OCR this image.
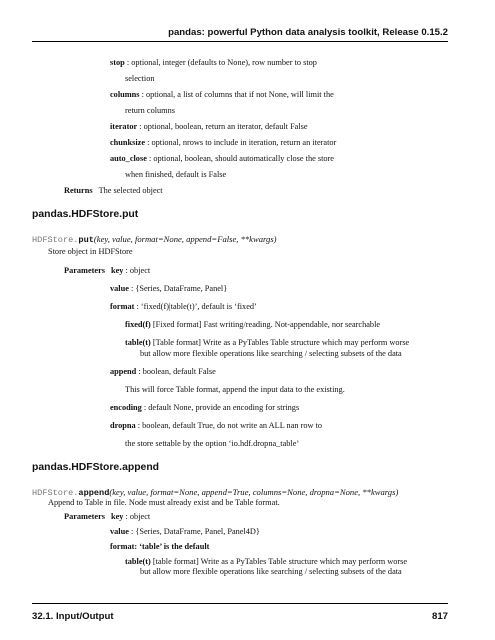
pandas: powerful Python data analysis toolkit, Release 0.15.2
stop : optional, integer (defaults to None), row number to stop
selection
columns : optional, a list of columns that if not None, will limit the
return columns
iterator : optional, boolean, return an iterator, default False
chunksize : optional, nrows to include in iteration, return an iterator
auto_close : optional, boolean, should automatically close the store
when finished, default is False
Returns The selected object
pandas.HDFStore.put
HDFStore.put(key, value, format=None, append=False, **kwargs)
Store object in HDFStore
Parameters key : object
value : {Series, DataFrame, Panel}
format : ‘fixed(f)|table(t)’, default is ‘fixed’
fixed(f) [Fixed format] Fast writing/reading. Not-appendable, nor searchable
table(t) [Table format] Write as a PyTables Table structure which may perform worse
but allow more flexible operations like searching / selecting subsets of the data
append : boolean, default False
This will force Table format, append the input data to the existing.
encoding : default None, provide an encoding for strings
dropna : boolean, default True, do not write an ALL nan row to
the store settable by the option ‘io.hdf.dropna_table’
pandas.HDFStore.append
HDFStore.append(key, value, format=None, append=True, columns=None, dropna=None, **kwargs)
Append to Table in file. Node must already exist and be Table format.
Parameters key : object
value : {Series, DataFrame, Panel, Panel4D}
format: ‘table’ is the default
table(t) [table format] Write as a PyTables Table structure which may perform worse
but allow more flexible operations like searching / selecting subsets of the data
32.1. Input/Output	817
